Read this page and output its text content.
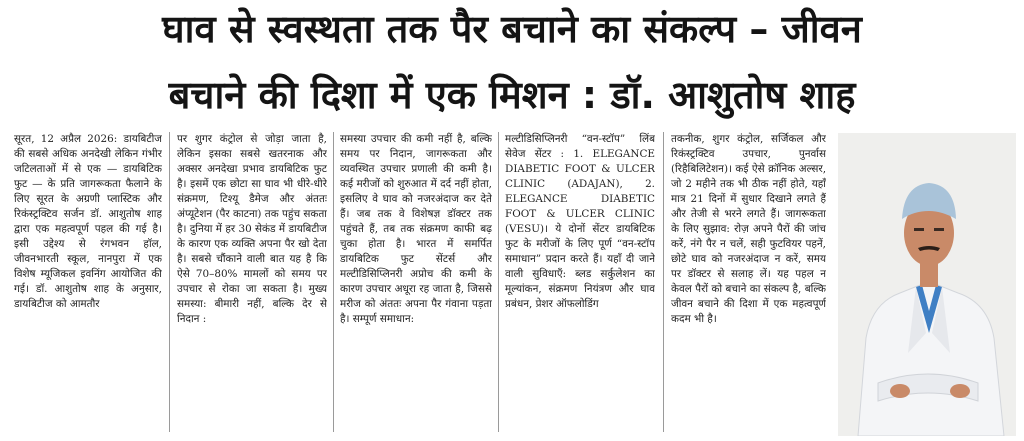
घाव से स्वस्थता तक पैर बचाने का संकल्प – जीवन
बचाने की दिशा में एक मिशन : डॉ. आशुतोष शाह

सूरत, 12 अप्रैल 2026: डायबिटीज की सबसे अधिक अनदेखी लेकिन गंभीर जटिलताओं में से एक — डायबिटिक फुट — के प्रति जागरूकता फैलाने के लिए सूरत के अग्रणी प्लास्टिक और रिकंस्ट्रक्टिव सर्जन डॉ. आशुतोष शाह द्वारा एक महत्वपूर्ण पहल की गई है। इसी उद्देश्य से रंगभवन हॉल, जीवनभारती स्कूल, नानपुरा में एक विशेष म्यूजिकल इवनिंग आयोजित की गई। डॉ. आशुतोष शाह के अनुसार, डायबिटीज को आमतौर

पर शुगर कंट्रोल से जोड़ा जाता है, लेकिन इसका सबसे खतरनाक और अक्सर अनदेखा प्रभाव डायबिटिक फुट है। इसमें एक छोटा सा घाव भी धीरे-धीरे संक्रमण, टिश्यू डैमेज और अंततः अंप्यूटेशन (पैर काटना) तक पहुंच सकता है। दुनिया में हर 30 सेकंड में डायबिटीज के कारण एक व्यक्ति अपना पैर खो देता है। सबसे चौंकाने वाली बात यह है कि ऐसे 70–80% मामलों को समय पर उपचार से रोका जा सकता है। मुख्य समस्या: बीमारी नहीं, बल्कि देर से निदान :

समस्या उपचार की कमी नहीं है, बल्कि समय पर निदान, जागरूकता और व्यवस्थित उपचार प्रणाली की कमी है। कई मरीजों को शुरुआत में दर्द नहीं होता, इसलिए वे घाव को नजरअंदाज कर देते हैं। जब तक वे विशेषज्ञ डॉक्टर तक पहुंचते हैं, तब तक संक्रमण काफी बढ़ चुका होता है। भारत में समर्पित डायबिटिक फुट सेंटर्स और मल्टीडिसिप्लिनरी अप्रोच की कमी के कारण उपचार अधूरा रह जाता है, जिससे मरीज को अंततः अपना पैर गंवाना पड़ता है। सम्पूर्ण समाधान:

मल्टीडिसिप्लिनरी “वन-स्टॉप” लिंब सेवेज सेंटर : 1. ELEGANCE DIABETIC FOOT & ULCER CLINIC (ADAJAN), 2. ELEGANCE DIABETIC FOOT & ULCER CLINIC (VESU)। ये दोनों सेंटर डायबिटिक फुट के मरीजों के लिए पूर्ण “वन-स्टॉप समाधान” प्रदान करते हैं। यहाँ दी जाने वाली सुविधाएँ: ब्लड सर्कुलेशन का मूल्यांकन, संक्रमण नियंत्रण और घाव प्रबंधन, प्रेशर ऑफलोडिंग

तकनीक, शुगर कंट्रोल, सर्जिकल और रिकंस्ट्रक्टिव उपचार, पुनर्वास (रिहैबिलिटेशन)। कई ऐसे क्रॉनिक अल्सर, जो 2 महीने तक भी ठीक नहीं होते, यहाँ मात्र 21 दिनों में सुधार दिखाने लगते हैं और तेजी से भरने लगते हैं। जागरूकता के लिए सुझाव: रोज़ अपने पैरों की जांच करें, नंगे पैर न चलें, सही फुटवियर पहनें, छोटे घाव को नजरअंदाज न करें, समय पर डॉक्टर से सलाह लें। यह पहल न केवल पैरों को बचाने का संकल्प है, बल्कि जीवन बचाने की दिशा में एक महत्वपूर्ण कदम भी है।
